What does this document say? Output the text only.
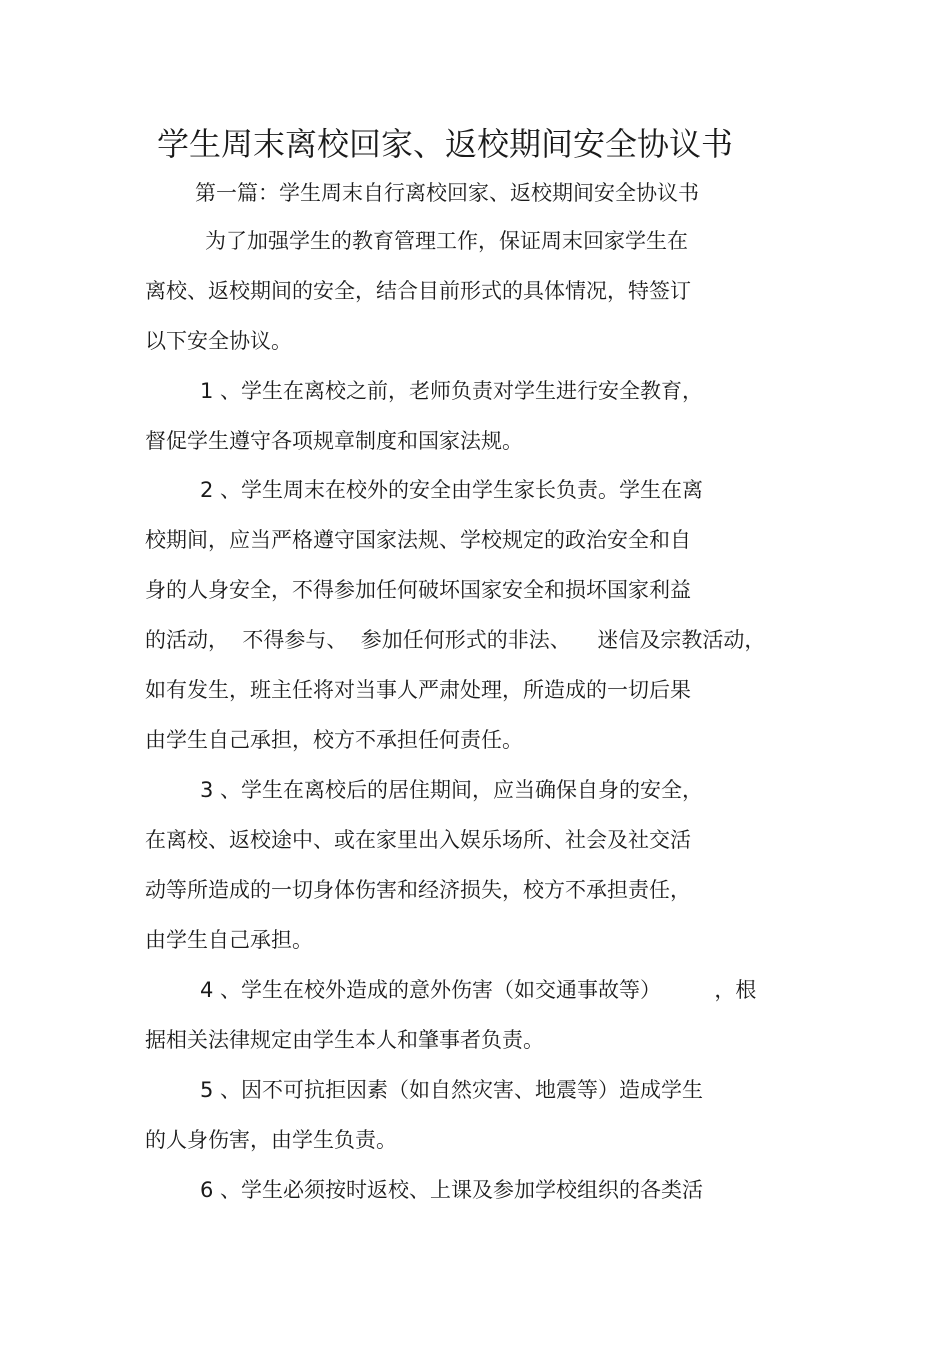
学生周末离校回家、返校期间安全协议书
第一篇：学生周末自行离校回家、返校期间安全协议书
为了加强学生的教育管理工作，保证周末回家学生在
离校、返校期间的安全，结合目前形式的具体情况，特签订
以下安全协议。
1 、学生在离校之前，老师负责对学生进行安全教育，
督促学生遵守各项规章制度和国家法规。
2 、学生周末在校外的安全由学生家长负责。学生在离
校期间，应当严格遵守国家法规、学校规定的政治安全和自
身的人身安全，不得参加任何破坏国家安全和损坏国家利益
的活动，  不得参与、  参加任何形式的非法、    迷信及宗教活动，
如有发生，班主任将对当事人严肃处理，所造成的一切后果
由学生自己承担，校方不承担任何责任。
3 、学生在离校后的居住期间，应当确保自身的安全，
在离校、返校途中、或在家里出入娱乐场所、社会及社交活
动等所造成的一切身体伤害和经济损失，校方不承担责任，
由学生自己承担。
4 、学生在校外造成的意外伤害（如交通事故等）        ，根
据相关法律规定由学生本人和肇事者负责。
5 、因不可抗拒因素（如自然灾害、地震等）造成学生
的人身伤害，由学生负责。
6 、学生必须按时返校、上课及参加学校组织的各类活
